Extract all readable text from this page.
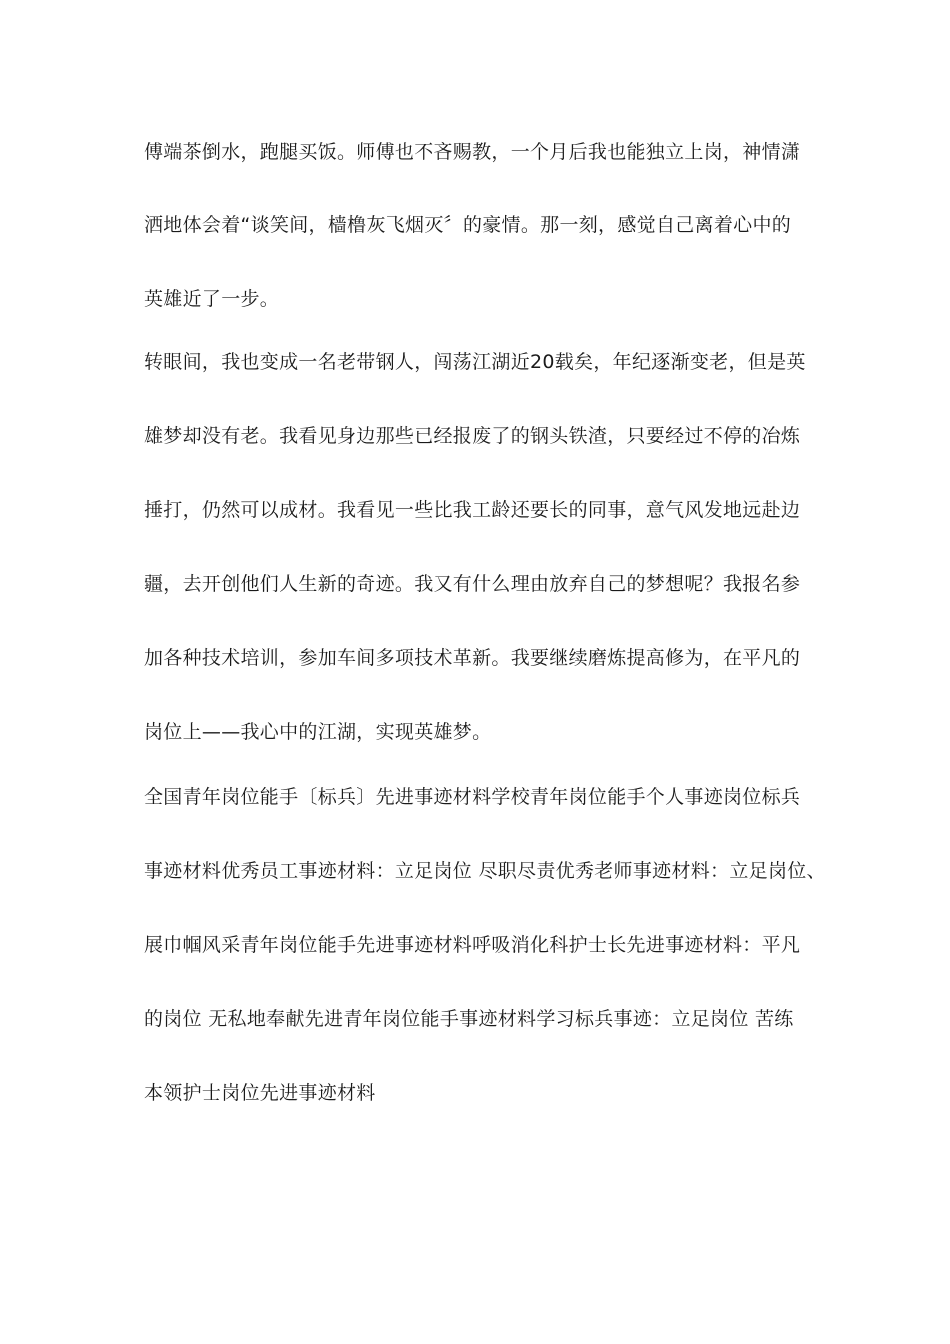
傅端茶倒水，跑腿买饭。师傅也不吝赐教，一个月后我也能独立上岗，神情潇
洒地体会着“谈笑间，樯橹灰飞烟灭〞的豪情。那一刻，感觉自己离着心中的
英雄近了一步。
转眼间，我也变成一名老带钢人，闯荡江湖近20载矣，年纪逐渐变老，但是英
雄梦却没有老。我看见身边那些已经报废了的钢头铁渣，只要经过不停的冶炼
捶打，仍然可以成材。我看见一些比我工龄还要长的同事，意气风发地远赴边
疆，去开创他们人生新的奇迹。我又有什么理由放弃自己的梦想呢？我报名参
加各种技术培训，参加车间多项技术革新。我要继续磨炼提高修为，在平凡的
岗位上——我心中的江湖，实现英雄梦。
全国青年岗位能手〔标兵〕先进事迹材料学校青年岗位能手个人事迹岗位标兵
事迹材料优秀员工事迹材料：立足岗位 尽职尽责优秀老师事迹材料：立足岗位、
展巾帼风采青年岗位能手先进事迹材料呼吸消化科护士长先进事迹材料：平凡
的岗位 无私地奉献先进青年岗位能手事迹材料学习标兵事迹：立足岗位 苦练
本领护士岗位先进事迹材料
